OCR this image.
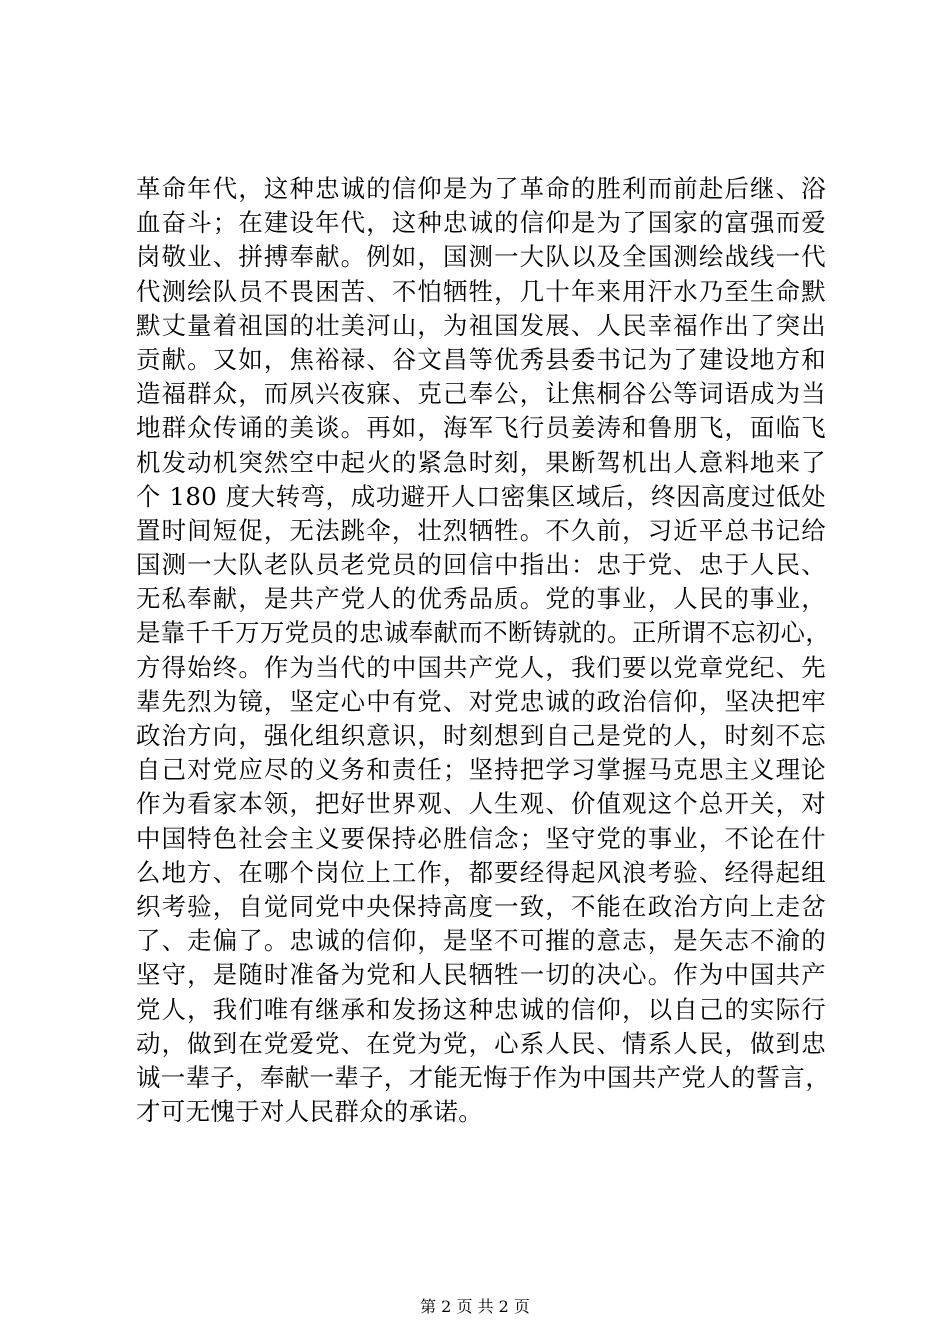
革命年代，这种忠诚的信仰是为了革命的胜利而前赴后继、浴
血奋斗；在建设年代，这种忠诚的信仰是为了国家的富强而爱
岗敬业、拼搏奉献。例如，国测一大队以及全国测绘战线一代
代测绘队员不畏困苦、不怕牺牲，几十年来用汗水乃至生命默
默丈量着祖国的壮美河山，为祖国发展、人民幸福作出了突出
贡献。又如，焦裕禄、谷文昌等优秀县委书记为了建设地方和
造福群众，而夙兴夜寐、克己奉公，让焦桐谷公等词语成为当
地群众传诵的美谈。再如，海军飞行员姜涛和鲁朋飞，面临飞
机发动机突然空中起火的紧急时刻，果断驾机出人意料地来了
个 180 度大转弯，成功避开人口密集区域后，终因高度过低处
置时间短促，无法跳伞，壮烈牺牲。不久前，习近平总书记给
国测一大队老队员老党员的回信中指出：忠于党、忠于人民、
无私奉献，是共产党人的优秀品质。党的事业，人民的事业，
是靠千千万万党员的忠诚奉献而不断铸就的。正所谓不忘初心，
方得始终。作为当代的中国共产党人，我们要以党章党纪、先
辈先烈为镜，坚定心中有党、对党忠诚的政治信仰，坚决把牢
政治方向，强化组织意识，时刻想到自己是党的人，时刻不忘
自己对党应尽的义务和责任；坚持把学习掌握马克思主义理论
作为看家本领，把好世界观、人生观、价值观这个总开关，对
中国特色社会主义要保持必胜信念；坚守党的事业，不论在什
么地方、在哪个岗位上工作，都要经得起风浪考验、经得起组
织考验，自觉同党中央保持高度一致，不能在政治方向上走岔
了、走偏了。忠诚的信仰，是坚不可摧的意志，是矢志不渝的
坚守，是随时准备为党和人民牺牲一切的决心。作为中国共产
党人，我们唯有继承和发扬这种忠诚的信仰，以自己的实际行
动，做到在党爱党、在党为党，心系人民、情系人民，做到忠
诚一辈子，奉献一辈子，才能无悔于作为中国共产党人的誓言，
才可无愧于对人民群众的承诺。
第 2 页 共 2 页
